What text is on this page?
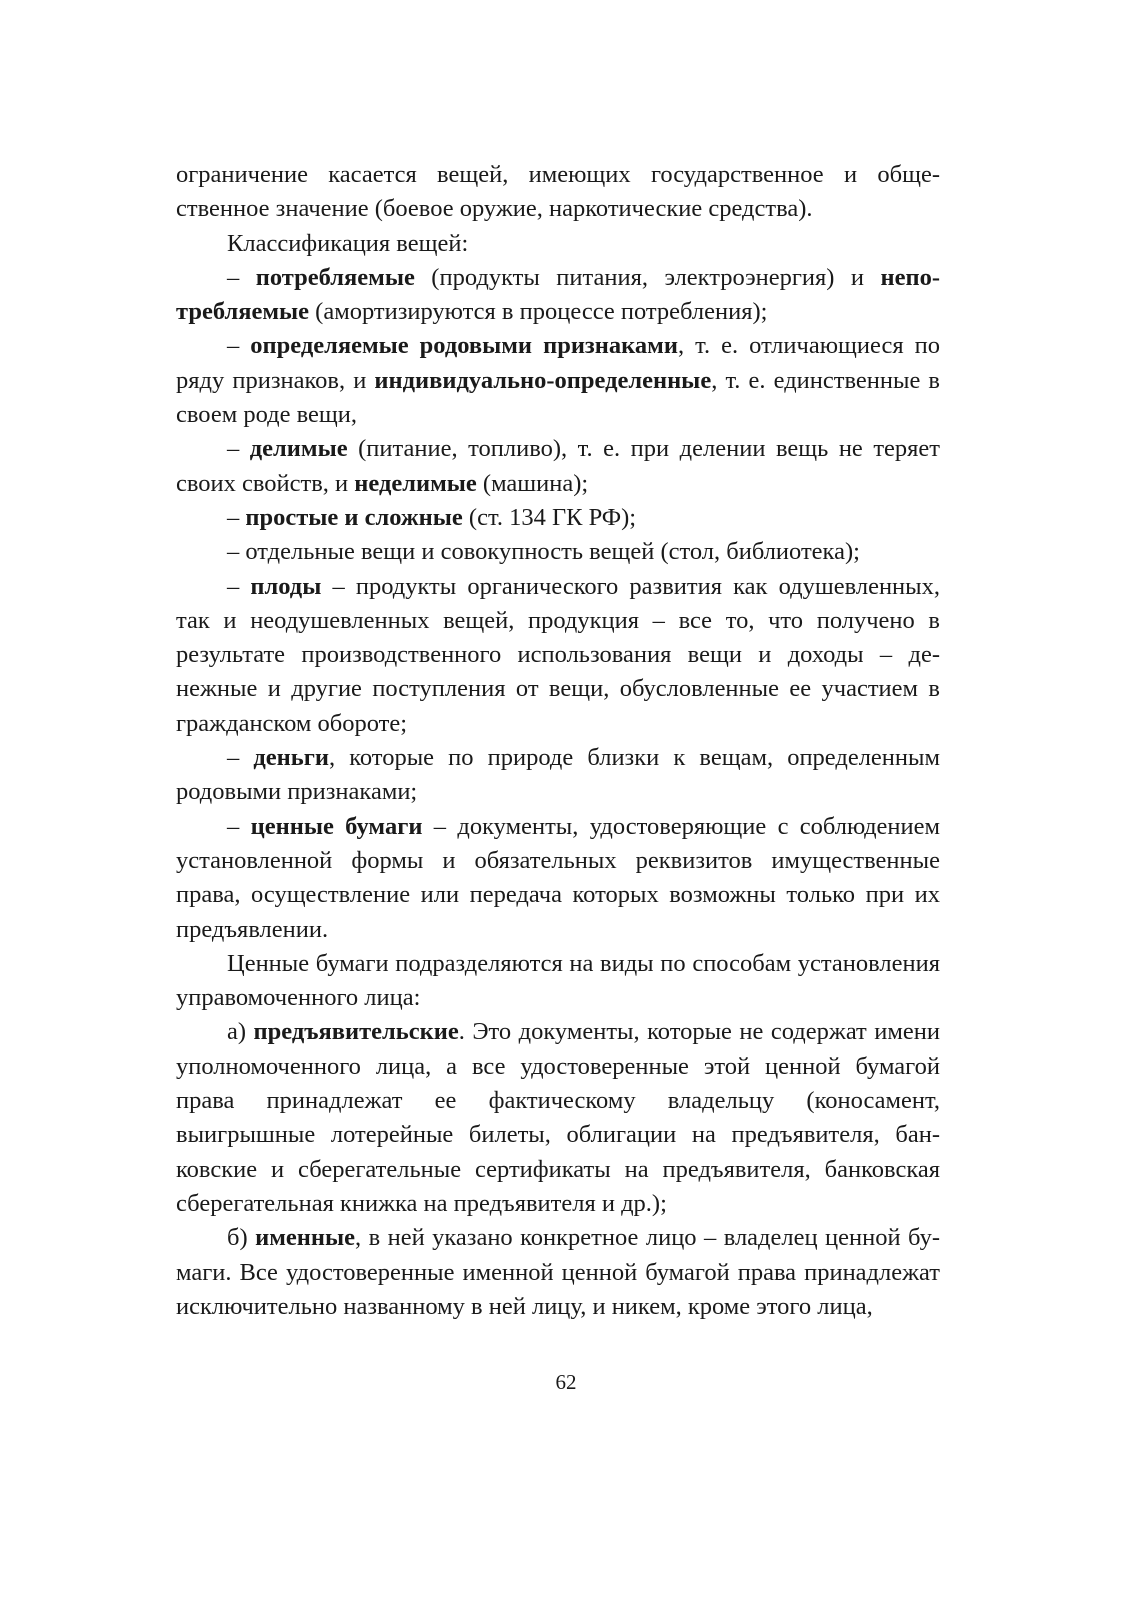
ограничение касается вещей, имеющих государственное и общественное значение (боевое оружие, наркотические средства).

Классификация вещей:

– потребляемые (продукты питания, электроэнергия) и непотребляемые (амортизируются в процессе потребления);

– определяемые родовыми признаками, т. е. отличающиеся по ряду признаков, и индивидуально-определенные, т. е. единственные в своем роде вещи,

– делимые (питание, топливо), т. е. при делении вещь не теряет своих свойств, и неделимые (машина);

– простые и сложные (ст. 134 ГК РФ);

– отдельные вещи и совокупность вещей (стол, библиотека);

– плоды – продукты органического развития как одушевленных, так и неодушевленных вещей, продукция – все то, что получено в результате производственного использования вещи и доходы – денежные и другие поступления от вещи, обусловленные ее участием в гражданском обороте;

– деньги, которые по природе близки к вещам, определенным родовыми признаками;

– ценные бумаги – документы, удостоверяющие с соблюдением установленной формы и обязательных реквизитов имущественные права, осуществление или передача которых возможны только при их предъявлении.

Ценные бумаги подразделяются на виды по способам установления управомоченного лица:

а) предъявительские. Это документы, которые не содержат имени уполномоченного лица, а все удостоверенные этой ценной бумагой права принадлежат ее фактическому владельцу (коносамент, выигрышные лотерейные билеты, облигации на предъявителя, банковские и сберегательные сертификаты на предъявителя, банковская сберегательная книжка на предъявителя и др.);

б) именные, в ней указано конкретное лицо – владелец ценной бумаги. Все удостоверенные именной ценной бумагой права принадлежат исключительно названному в ней лицу, и никем, кроме этого лица,

62
